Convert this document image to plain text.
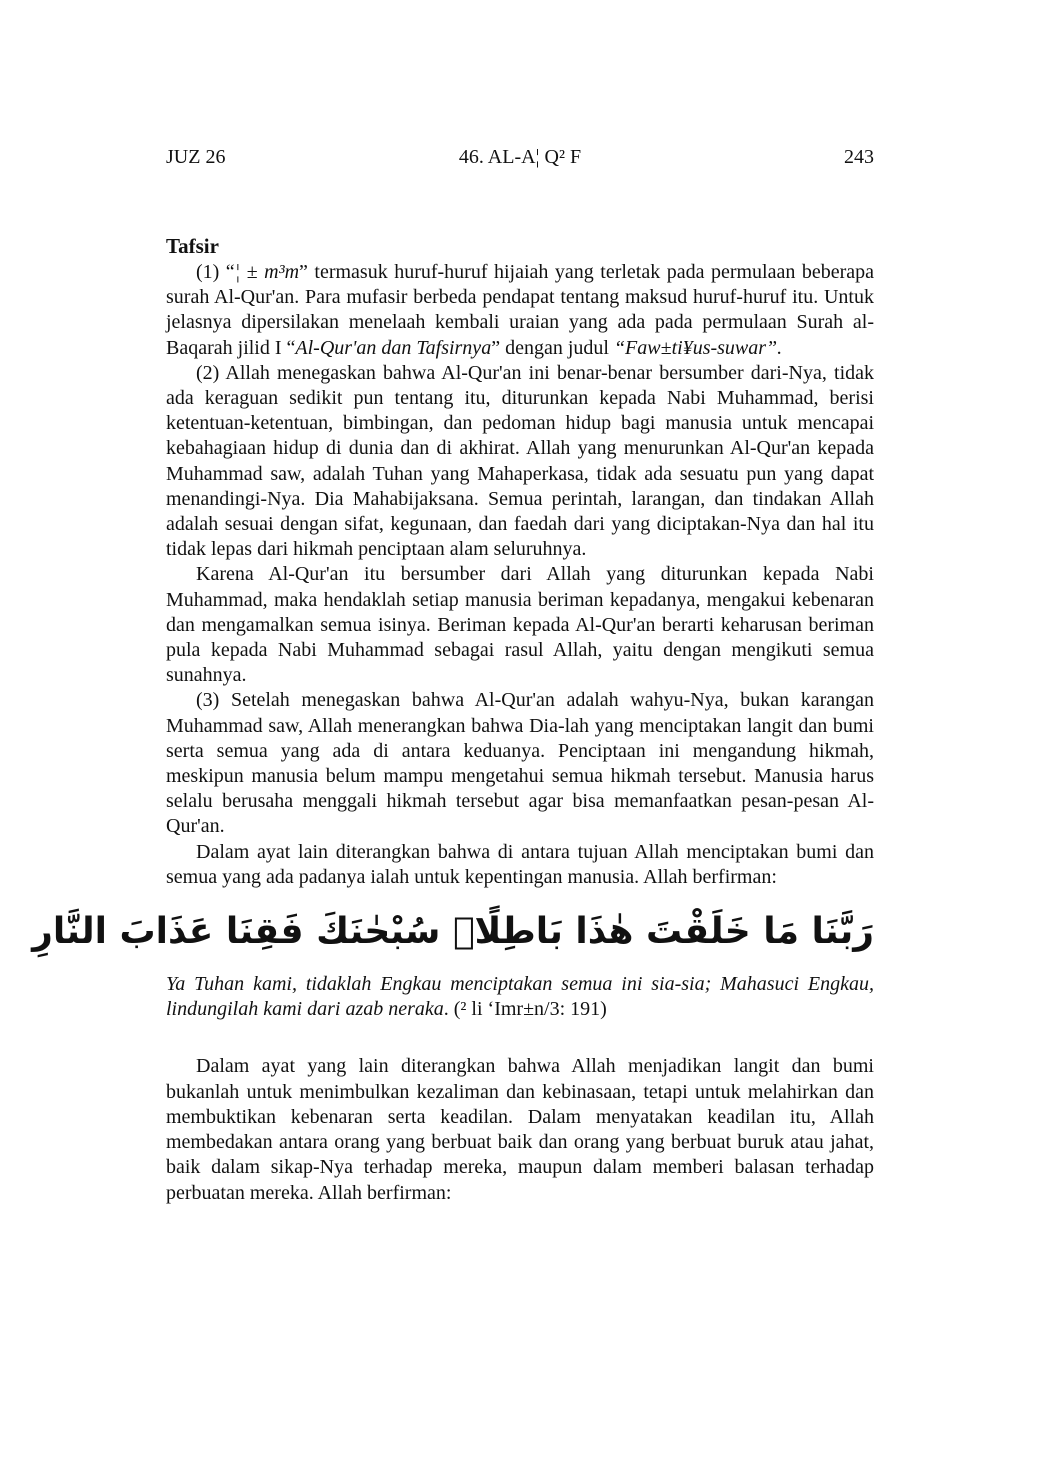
JUZ 26	46. AL-A¦ Q² F	243
Tafsir

(1) “¦ ± m³m” termasuk huruf-huruf hijaiah yang terletak pada permulaan beberapa surah Al-Qur'an. Para mufasir berbeda pendapat tentang maksud huruf-huruf itu. Untuk jelasnya dipersilakan menelaah kembali uraian yang ada pada permulaan Surah al-Baqarah jilid I “Al-Qur'an dan Tafsirnya” dengan judul “Faw±ti¥us-suwar”.

(2) Allah menegaskan bahwa Al-Qur'an ini benar-benar bersumber dari-Nya, tidak ada keraguan sedikit pun tentang itu, diturunkan kepada Nabi Muhammad, berisi ketentuan-ketentuan, bimbingan, dan pedoman hidup bagi manusia untuk mencapai kebahagiaan hidup di dunia dan di akhirat. Allah yang menurunkan Al-Qur'an kepada Muhammad saw, adalah Tuhan yang Mahaperkasa, tidak ada sesuatu pun yang dapat menandingi-Nya. Dia Mahabijaksana. Semua perintah, larangan, dan tindakan Allah adalah sesuai dengan sifat, kegunaan, dan faedah dari yang diciptakan-Nya dan hal itu tidak lepas dari hikmah penciptaan alam seluruhnya.

Karena Al-Qur'an itu bersumber dari Allah yang diturunkan kepada Nabi Muhammad, maka hendaklah setiap manusia beriman kepadanya, mengakui kebenaran dan mengamalkan semua isinya. Beriman kepada Al-Qur'an berarti keharusan beriman pula kepada Nabi Muhammad sebagai rasul Allah, yaitu dengan mengikuti semua sunahnya.

(3) Setelah menegaskan bahwa Al-Qur'an adalah wahyu-Nya, bukan karangan Muhammad saw, Allah menerangkan bahwa Dia-lah yang menciptakan langit dan bumi serta semua yang ada di antara keduanya. Penciptaan ini mengandung hikmah, meskipun manusia belum mampu mengetahui semua hikmah tersebut. Manusia harus selalu berusaha menggali hikmah tersebut agar bisa memanfaatkan pesan-pesan Al-Qur'an.

Dalam ayat lain diterangkan bahwa di antara tujuan Allah menciptakan bumi dan semua yang ada padanya ialah untuk kepentingan manusia. Allah berfirman:

رَبَّنَا مَا خَلَقْتَ هٰذَا بَاطِلًاۚ سُبْحٰنَكَ فَقِنَا عَذَابَ النَّارِ

Ya Tuhan kami, tidaklah Engkau menciptakan semua ini sia-sia; Mahasuci Engkau, lindungilah kami dari azab neraka. (² li ‘Imr±n/3: 191)

Dalam ayat yang lain diterangkan bahwa Allah menjadikan langit dan bumi bukanlah untuk menimbulkan kezaliman dan kebinasaan, tetapi untuk melahirkan dan membuktikan kebenaran serta keadilan. Dalam menyatakan keadilan itu, Allah membedakan antara orang yang berbuat baik dan orang yang berbuat buruk atau jahat, baik dalam sikap-Nya terhadap mereka, maupun dalam memberi balasan terhadap perbuatan mereka. Allah berfirman:
